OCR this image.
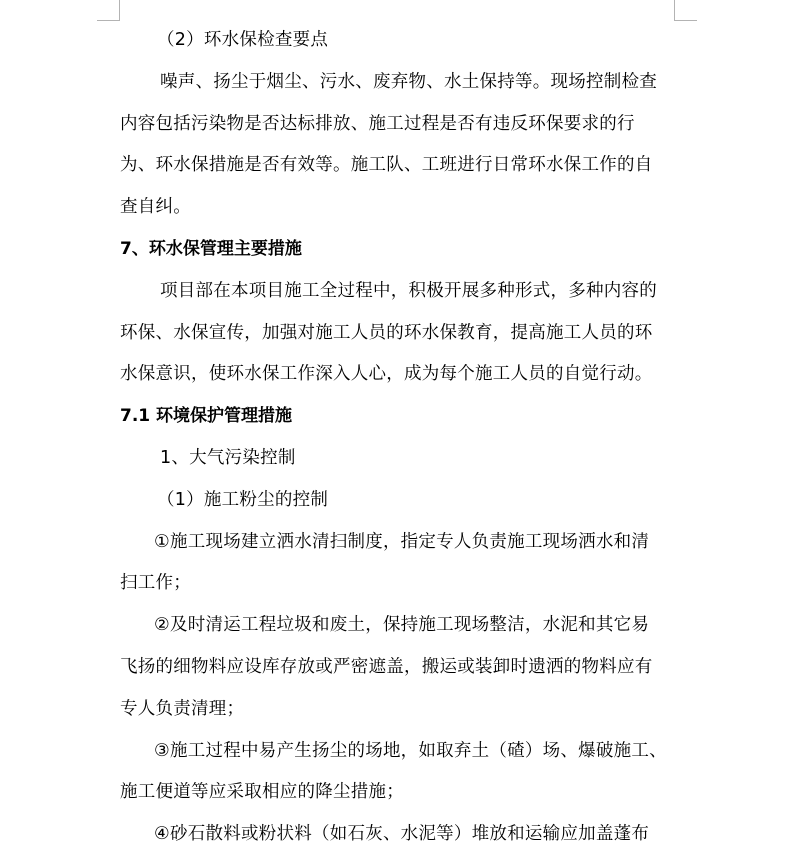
（2）环水保检查要点
噪声、扬尘于烟尘、污水、废弃物、水土保持等。现场控制检查
内容包括污染物是否达标排放、施工过程是否有违反环保要求的行
为、环水保措施是否有效等。施工队、工班进行日常环水保工作的自
查自纠。
7、环水保管理主要措施
项目部在本项目施工全过程中，积极开展多种形式，多种内容的
环保、水保宣传，加强对施工人员的环水保教育，提高施工人员的环
水保意识，使环水保工作深入人心，成为每个施工人员的自觉行动。
7.1 环境保护管理措施
1、大气污染控制
（1）施工粉尘的控制
①施工现场建立洒水清扫制度，指定专人负责施工现场洒水和清
扫工作；
②及时清运工程垃圾和废土，保持施工现场整洁，水泥和其它易
飞扬的细物料应设库存放或严密遮盖，搬运或装卸时遗洒的物料应有
专人负责清理；
③施工过程中易产生扬尘的场地，如取弃土（碴）场、爆破施工、
施工便道等应采取相应的降尘措施；
④砂石散料或粉状料（如石灰、水泥等）堆放和运输应加盖蓬布
